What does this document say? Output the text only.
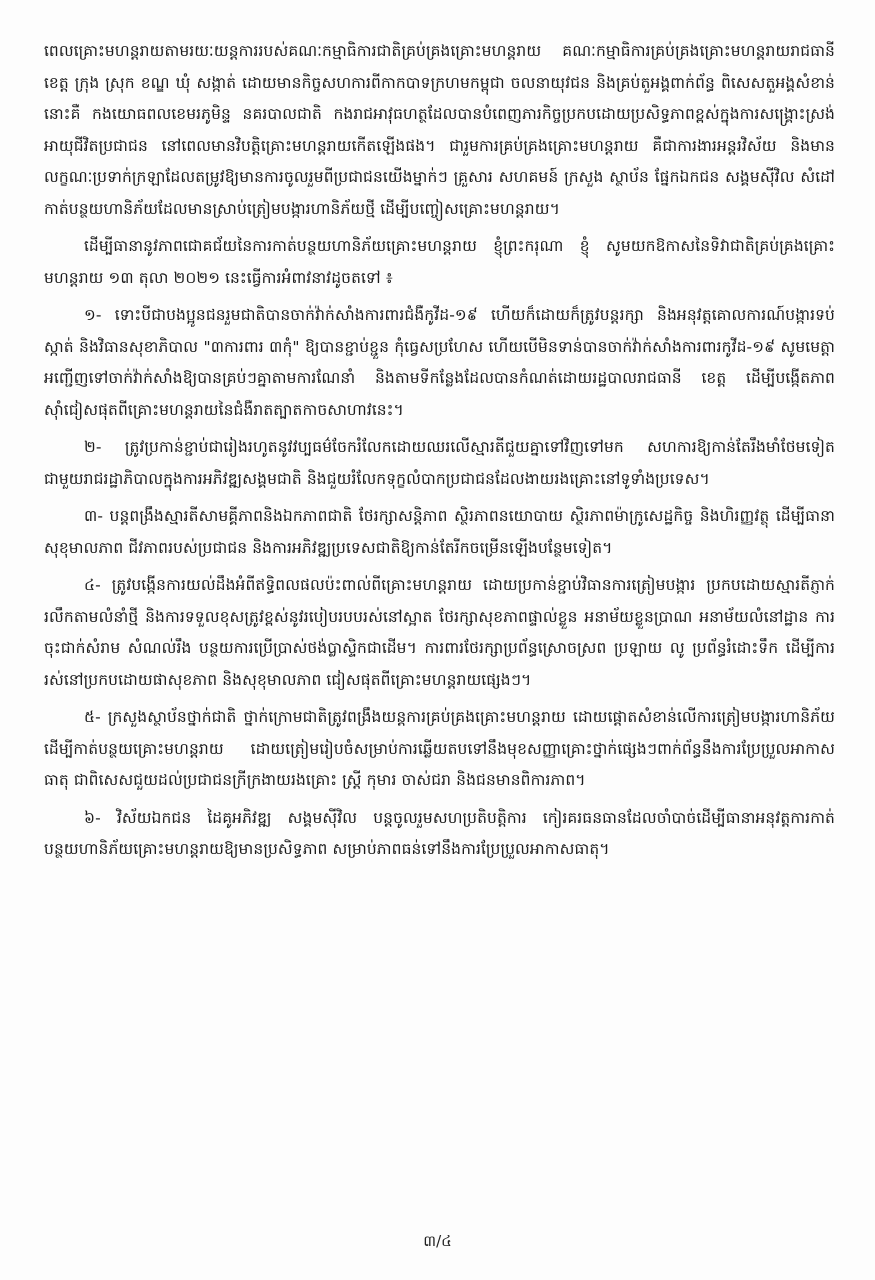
ពេលគ្រោះមហន្តរាយតាមរយៈយន្តការរបស់គណៈកម្មាធិការជាតិគ្រប់គ្រងគ្រោះមហន្តរាយ គណៈកម្មាធិការគ្រប់គ្រងគ្រោះមហន្តរាយរាជធានី ខេត្ត ក្រុង ស្រុក ខណ្ឌ ឃុំ សង្កាត់ ដោយមានកិច្ចសហការពីកាកបាទក្រហមកម្ពុជា ចលនាយុវជន និងគ្រប់តួអង្គពាក់ព័ន្ធ ពិសេសតួអង្គសំខាន់នោះគឺ កងយោធពលខេមរភូមិន្ទ នគរបាលជាតិ កងរាជអាវុធហត្ថដែលបានបំពេញភារកិច្ចប្រកបដោយប្រសិទ្ធភាពខ្ពស់ក្នុងការសង្គ្រោះស្រង់អាយុជីវិតប្រជាជន នៅពេលមានវិបត្តិគ្រោះមហន្តរាយកើតឡើងផង។ ជារួមការគ្រប់គ្រងគ្រោះមហន្តរាយ គឺជាការងារអន្តរវិស័យ និងមានលក្ខណៈប្រទាក់ក្រឡាដែលតម្រូវឱ្យមានការចូលរួមពីប្រជាជនយើងម្នាក់ៗ គ្រួសារ សហគមន៍ ក្រសួង ស្ថាប័ន ផ្នែកឯកជន សង្គមស៊ីវិល សំដៅកាត់បន្ថយហានិភ័យដែលមានស្រាប់ត្រៀមបង្ការហានិភ័យថ្មី ដើម្បីបញ្ចៀសគ្រោះមហន្តរាយ។

ដើម្បីធានានូវភាពជោគជ័យនៃការកាត់បន្ថយហានិភ័យគ្រោះមហន្តរាយ ខ្ញុំព្រះករុណា ខ្ញុំ សូមយកឱកាសនៃទិវាជាតិគ្រប់គ្រងគ្រោះមហន្តរាយ ១៣ តុលា ២០២១ នេះធ្វើការអំពាវនាវដូចតទៅ ៖

១- ទោះបីជាបងប្អូនជនរួមជាតិបានចាក់វ៉ាក់សាំងការពារជំងឺកូវីដ-១៩ ហើយក៏ដោយក៏ត្រូវបន្តរក្សា និងអនុវត្តគោលការណ៍បង្ការទប់ស្កាត់ និងវិធានសុខាភិបាល "៣ការពារ ៣កុំ" ឱ្យបានខ្ជាប់ខ្ជួន កុំធ្វេសប្រហែស ហើយបើមិនទាន់បានចាក់វ៉ាក់សាំងការពារកូវីដ-១៩ សូមមេត្តាអញ្ជើញទៅចាក់វ៉ាក់សាំងឱ្យបានគ្រប់ៗគ្នាតាមការណែនាំ និងតាមទីកន្លែងដែលបានកំណត់ដោយរដ្ឋបាលរាជធានី ខេត្ត ដើម្បីបង្កើតភាពស៊ាំជៀសផុតពីគ្រោះមហន្តរាយនៃជំងឺរាតត្បាតកាចសាហាវនេះ។

២- ត្រូវប្រកាន់ខ្ជាប់ជារៀងរហូតនូវវប្បធម៌ចែករំលែកដោយឈរលើស្មារតីជួយគ្នាទៅវិញទៅមក សហការឱ្យកាន់តែរឹងមាំថែមទៀតជាមួយរាជរដ្ឋាភិបាលក្នុងការអភិវឌ្ឍសង្គមជាតិ និងជួយរំលែកទុក្ខលំបាកប្រជាជនដែលងាយរងគ្រោះនៅទូទាំងប្រទេស។

៣- បន្តពង្រឹងស្មារតីសាមគ្គីភាពនិងឯកភាពជាតិ ថែរក្សាសន្តិភាព ស្ថិរភាពនយោបាយ ស្ថិរភាពម៉ាក្រូសេដ្ឋកិច្ច និងហិរញ្ញវត្ថុ ដើម្បីធានាសុខុមាលភាព ជីវភាពរបស់ប្រជាជន និងការអភិវឌ្ឍប្រទេសជាតិឱ្យកាន់តែរីកចម្រើនឡើងបន្ថែមទៀត។

៤- ត្រូវបង្កើនការយល់ដឹងអំពីឥទ្ធិពលផលប៉ះពាល់ពីគ្រោះមហន្តរាយ ដោយប្រកាន់ខ្ជាប់វិធានការត្រៀមបង្ការ ប្រកបដោយស្មារតីភ្ញាក់រលឹកតាមលំនាំថ្មី និងការទទួលខុសត្រូវខ្ពស់នូវរបៀបរបបរស់នៅស្អាត ថែរក្សាសុខភាពផ្ទាល់ខ្លួន អនាម័យខ្លួនប្រាណ អនាម័យលំនៅដ្ឋាន ការចុះជាក់សំរាម សំណល់រឹង បន្ថយការប្រើប្រាស់ថង់ប្លាស្ទិកជាដើម។ ការពារថែរក្សាប្រព័ន្ធស្រោចស្រព ប្រឡាយ លូ ប្រព័ន្ធរំដោះទឹក ដើម្បីការរស់នៅប្រកបដោយផាសុខភាព និងសុខុមាលភាព ជៀសផុតពីគ្រោះមហន្តរាយផ្សេងៗ។

៥- ក្រសួងស្ថាប័នថ្នាក់ជាតិ ថ្នាក់ក្រោមជាតិត្រូវពង្រឹងយន្តការគ្រប់គ្រងគ្រោះមហន្តរាយ ដោយផ្ដោតសំខាន់លើការត្រៀមបង្ការហានិភ័យ ដើម្បីកាត់បន្ថយគ្រោះមហន្តរាយ ដោយត្រៀមរៀបចំសម្រាប់ការឆ្លើយតបទៅនឹងមុខសញ្ញាគ្រោះថ្នាក់ផ្សេងៗពាក់ព័ន្ធនឹងការប្រែប្រួលអាកាសធាតុ ជាពិសេសជួយដល់ប្រជាជនក្រីក្រងាយរងគ្រោះ ស្ត្រី កុមារ ចាស់ជរា និងជនមានពិការភាព។

៦- វិស័យឯកជន ដៃគូអភិវឌ្ឍ សង្គមស៊ីវិល បន្តចូលរួមសហប្រតិបត្តិការ កៀរគរធនធានដែលចាំបាច់ដើម្បីធានាអនុវត្តការកាត់បន្ថយហានិភ័យគ្រោះមហន្តរាយឱ្យមានប្រសិទ្ធភាព សម្រាប់ភាពធន់ទៅនឹងការប្រែប្រួលអាកាសធាតុ។

៣/៤
